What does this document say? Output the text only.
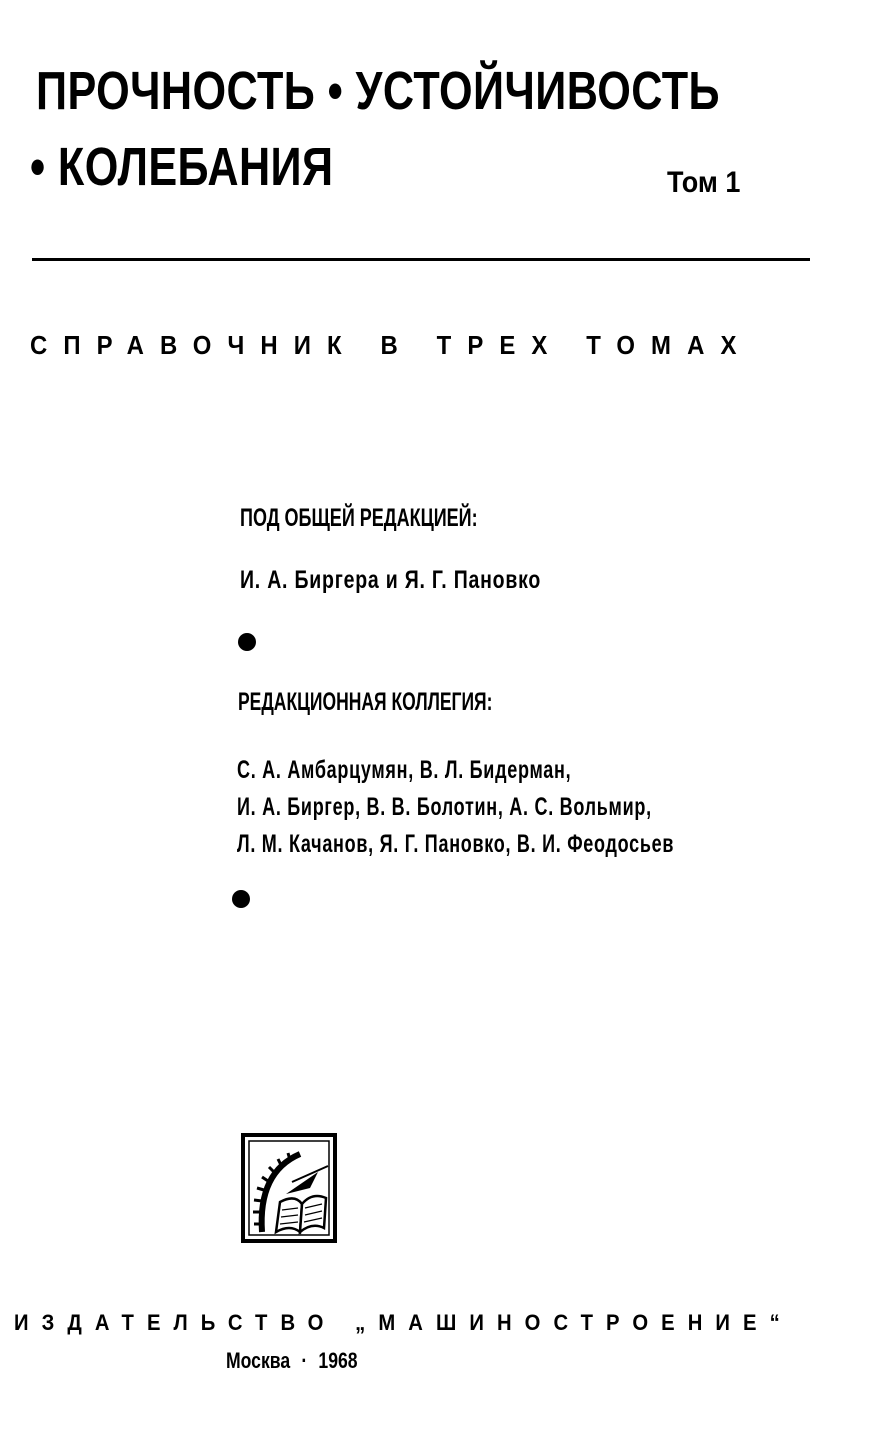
ПРОЧНОСТЬ • УСТОЙЧИВОСТЬ
• КОЛЕБАНИЯ	Том 1
СПРАВОЧНИК В ТРЕХ ТОМАХ
ПОД ОБЩЕЙ РЕДАКЦИЕЙ:
И. А. Биргера и Я. Г. Пановко
РЕДАКЦИОННАЯ КОЛЛЕГИЯ:
С. А. Амбарцумян, В. Л. Бидерман,
И. А. Биргер, В. В. Болотин, А. С. Вольмир,
Л. М. Качанов, Я. Г. Пановко, В. И. Феодосьев
ИЗДАТЕЛЬСТВО „МАШИНОСТРОЕНИЕ“
Москва · 1968
